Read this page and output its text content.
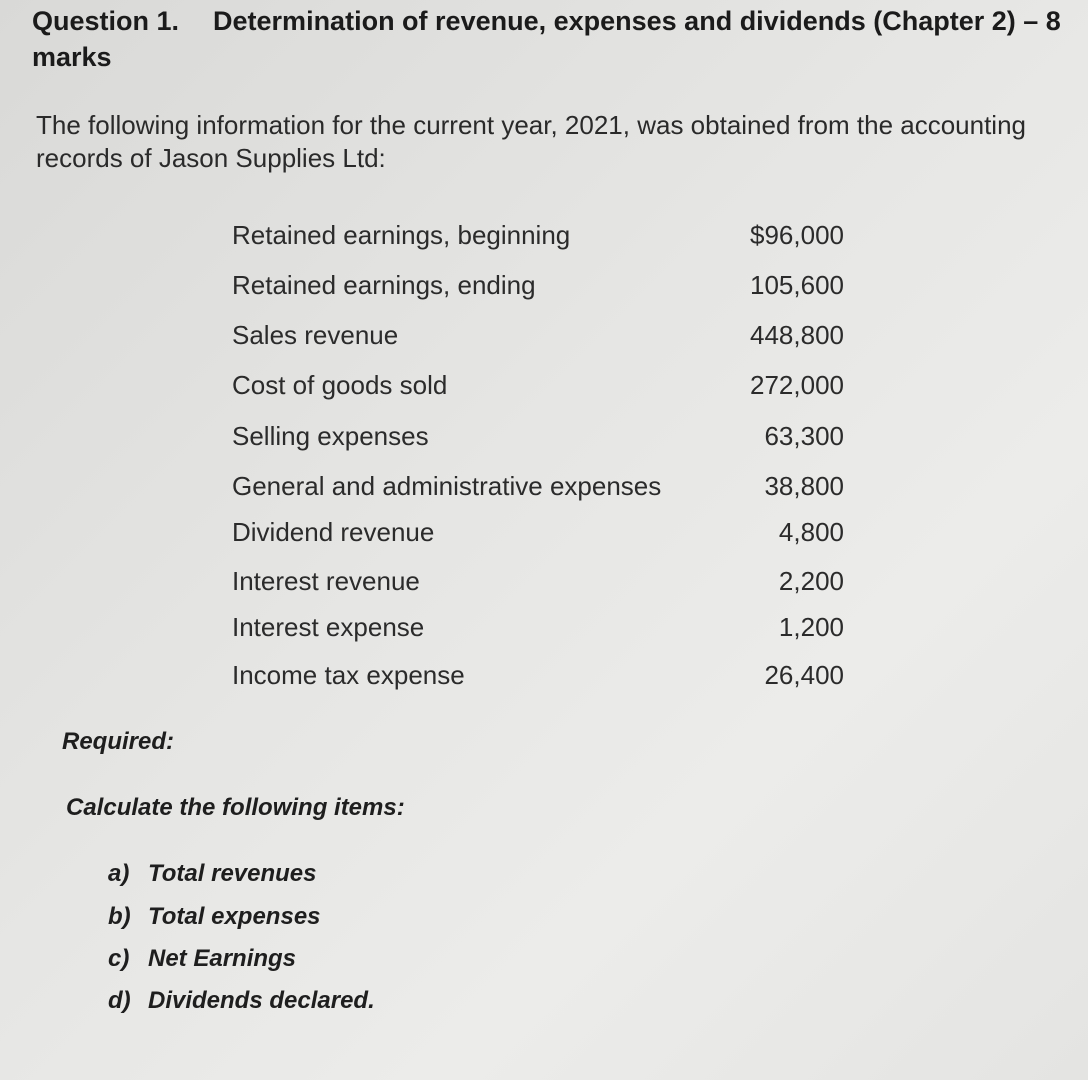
Question 1. Determination of revenue, expenses and dividends (Chapter 2) – 8
marks
The following information for the current year, 2021, was obtained from the accounting
records of Jason Supplies Ltd:
Retained earnings, beginning	$96,000
Retained earnings, ending	105,600
Sales revenue	448,800
Cost of goods sold	272,000
Selling expenses	63,300
General and administrative expenses	38,800
Dividend revenue	4,800
Interest revenue	2,200
Interest expense	1,200
Income tax expense	26,400
Required:
Calculate the following items:
a) Total revenues
b) Total expenses
c) Net Earnings
d) Dividends declared.
